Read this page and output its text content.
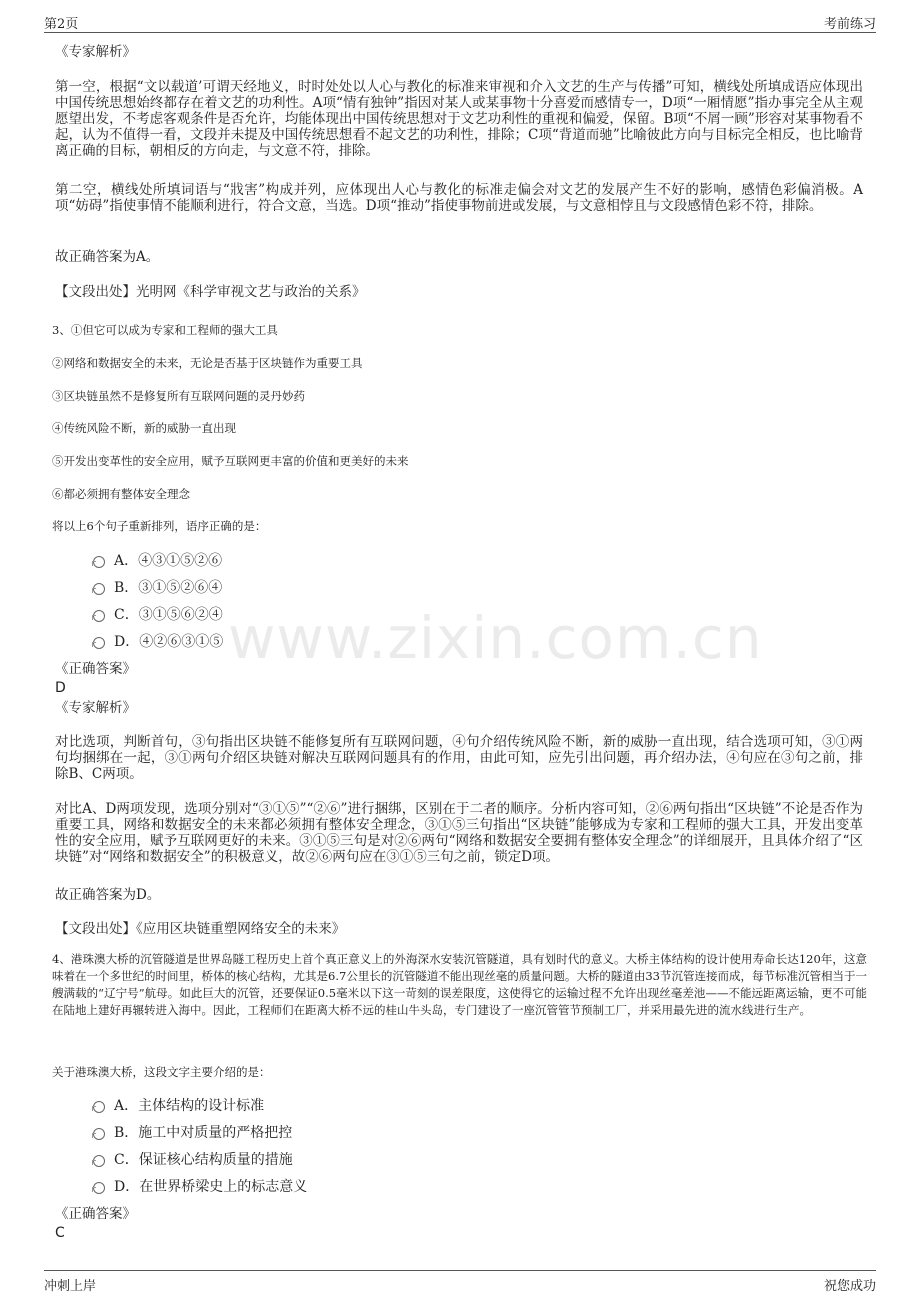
第2页	考前练习
www.zixin.com.cn

《专家解析》

第一空，根据“文以载道’可谓天经地义，时时处处以人心与教化的标准来审视和介入文艺的生产与传播”可知，横线处所填成语应体现出中国传统思想始终都存在着文艺的功利性。A项“情有独钟”指因对某人或某事物十分喜爱而感情专一，D项“一厢情愿”指办事完全从主观愿望出发，不考虑客观条件是否允许，均能体现出中国传统思想对于文艺功利性的重视和偏爱，保留。B项“不屑一顾”形容对某事物看不起，认为不值得一看，文段并未提及中国传统思想看不起文艺的功利性，排除；C项“背道而驰”比喻彼此方向与目标完全相反，也比喻背离正确的目标，朝相反的方向走，与文意不符，排除。

第二空，横线处所填词语与“戕害”构成并列，应体现出人心与教化的标准走偏会对文艺的发展产生不好的影响，感情色彩偏消极。A项“妨碍”指使事情不能顺利进行，符合文意，当选。D项“推动”指使事物前进或发展，与文意相悖且与文段感情色彩不符，排除。

故正确答案为A。

【文段出处】光明网《科学审视文艺与政治的关系》

3、①但它可以成为专家和工程师的强大工具

②网络和数据安全的未来，无论是否基于区块链作为重要工具

③区块链虽然不是修复所有互联网问题的灵丹妙药

④传统风险不断，新的威胁一直出现

⑤开发出变革性的安全应用，赋予互联网更丰富的价值和更美好的未来

⑥都必须拥有整体安全理念

将以上6个句子重新排列，语序正确的是：

A．④③①⑤②⑥
B．③①⑤②⑥④
C．③①⑤⑥②④
D．④②⑥③①⑤

《正确答案》

D

《专家解析》

对比选项，判断首句，③句指出区块链不能修复所有互联网问题，④句介绍传统风险不断，新的威胁一直出现，结合选项可知，③①两句均捆绑在一起，③①两句介绍区块链对解决互联网问题具有的作用，由此可知，应先引出问题，再介绍办法，④句应在③句之前，排除B、C两项。

对比A、D两项发现，选项分别对“③①⑤”“②⑥”进行捆绑，区别在于二者的顺序。分析内容可知，②⑥两句指出“区块链”不论是否作为重要工具，网络和数据安全的未来都必须拥有整体安全理念，③①⑤三句指出“区块链”能够成为专家和工程师的强大工具，开发出变革性的安全应用，赋予互联网更好的未来。③①⑤三句是对②⑥两句“网络和数据安全要拥有整体安全理念”的详细展开，且具体介绍了“区块链”对“网络和数据安全”的积极意义，故②⑥两句应在③①⑤三句之前，锁定D项。

故正确答案为D。

【文段出处】《应用区块链重塑网络安全的未来》

4、港珠澳大桥的沉管隧道是世界岛隧工程历史上首个真正意义上的外海深水安装沉管隧道，具有划时代的意义。大桥主体结构的设计使用寿命长达120年，这意味着在一个多世纪的时间里，桥体的核心结构，尤其是6.7公里长的沉管隧道不能出现丝毫的质量问题。大桥的隧道由33节沉管连接而成，每节标准沉管相当于一艘满载的“辽宁号”航母。如此巨大的沉管，还要保证0.5毫米以下这一苛刻的误差限度，这使得它的运输过程不允许出现丝毫差池——不能远距离运输，更不可能在陆地上建好再辗转进入海中。因此，工程师们在距离大桥不远的桂山牛头岛，专门建设了一座沉管管节预制工厂，并采用最先进的流水线进行生产。

关于港珠澳大桥，这段文字主要介绍的是：

A．主体结构的设计标准
B．施工中对质量的严格把控
C．保证核心结构质量的措施
D．在世界桥梁史上的标志意义

《正确答案》

C
冲刺上岸	祝您成功
